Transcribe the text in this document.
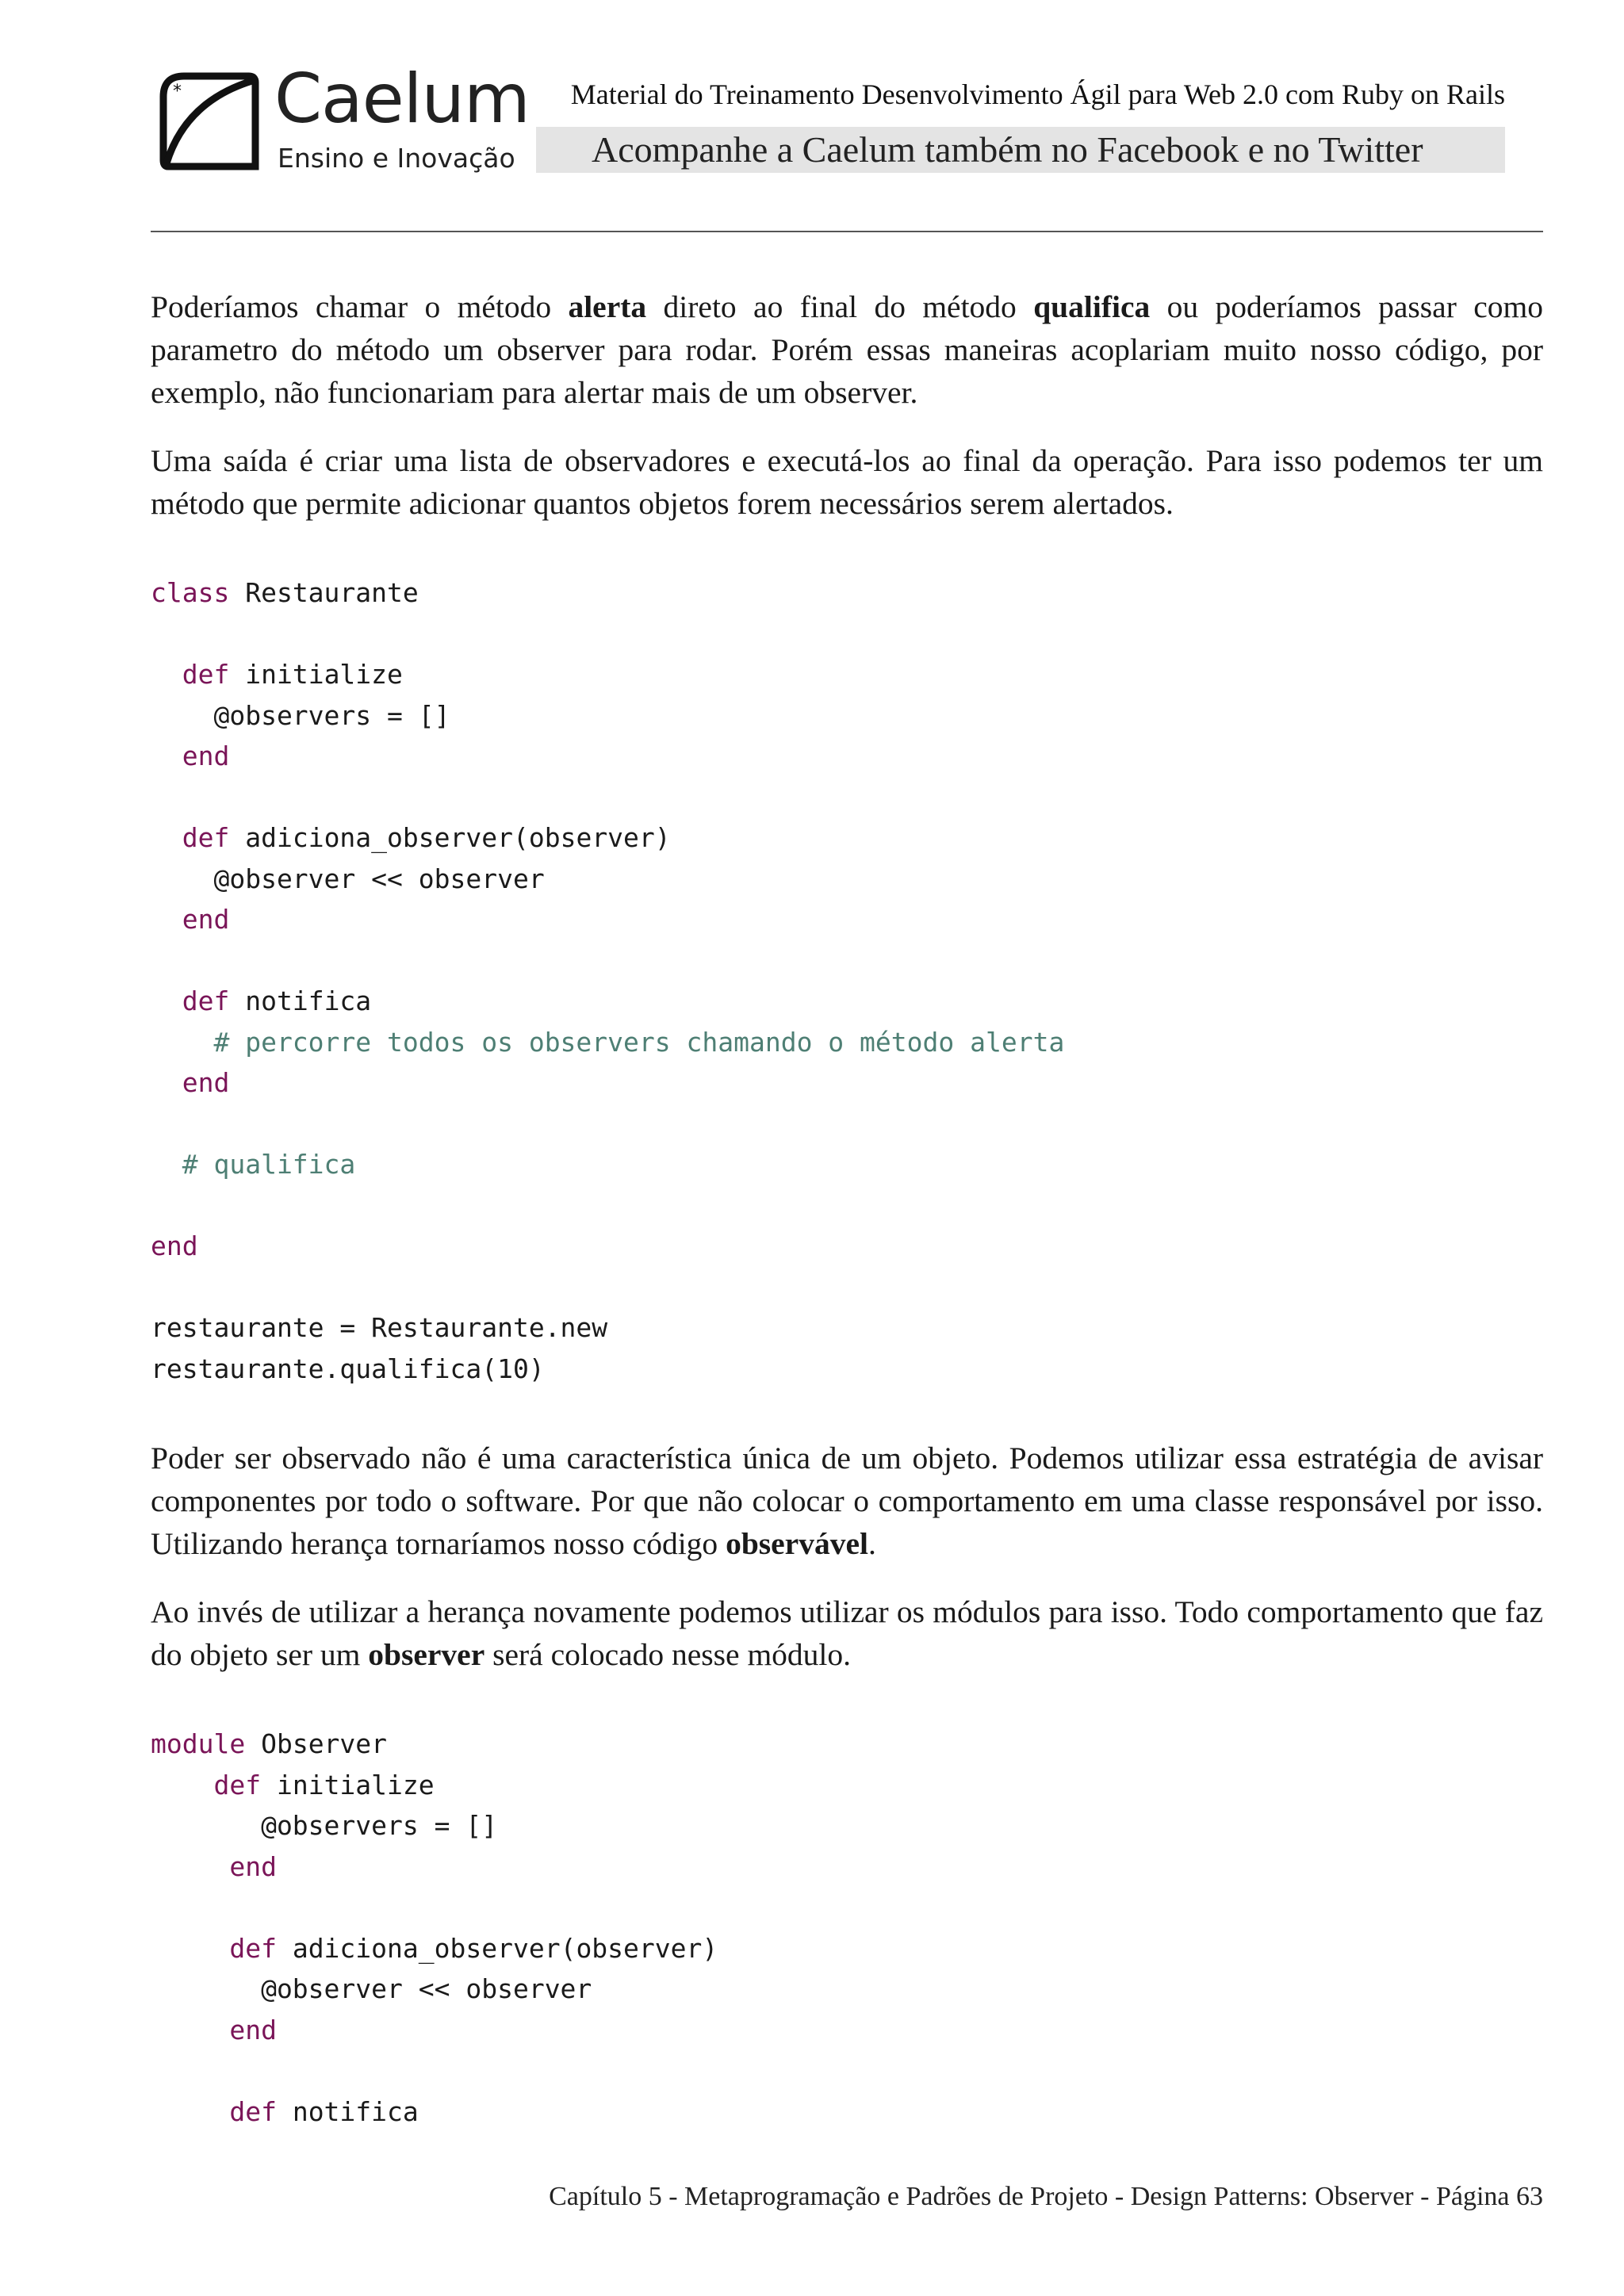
* Caelum
Ensino e Inovação
Material do Treinamento Desenvolvimento Ágil para Web 2.0 com Ruby on Rails
Acompanhe a Caelum também no Facebook e no Twitter

Poderíamos chamar o método alerta direto ao final do método qualifica ou poderíamos passar como parametro do método um observer para rodar. Porém essas maneiras acoplariam muito nosso código, por exemplo, não funcionariam para alertar mais de um observer.

Uma saída é criar uma lista de observadores e executá-los ao final da operação. Para isso podemos ter um método que permite adicionar quantos objetos forem necessários serem alertados.

class Restaurante
def initialize
@observers = []
end
def adiciona_observer(observer)
@observer << observer
end
def notifica
# percorre todos os observers chamando o método alerta
end
# qualifica
end
restaurante = Restaurante.new
restaurante.qualifica(10)

Poder ser observado não é uma característica única de um objeto. Podemos utilizar essa estratégia de avisar componentes por todo o software. Por que não colocar o comportamento em uma classe responsável por isso. Utilizando herança tornaríamos nosso código observável.

Ao invés de utilizar a herança novamente podemos utilizar os módulos para isso. Todo comportamento que faz do objeto ser um observer será colocado nesse módulo.

module Observer
def initialize
@observers = []
end
def adiciona_observer(observer)
@observer << observer
end
def notifica
Capítulo 5 - Metaprogramação e Padrões de Projeto - Design Patterns: Observer - Página 63
